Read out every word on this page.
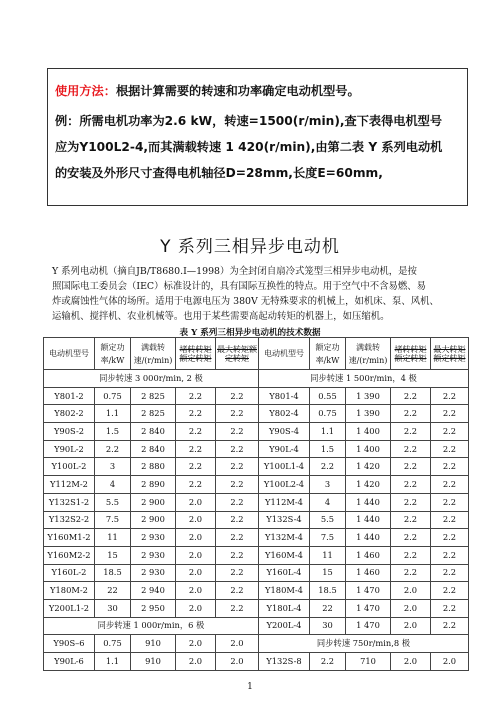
使用方法：根据计算需要的转速和功率确定电动机型号。
例：所需电机功率为2.6 kW，转速=1500(r/min),查下表得电机型号
应为Y100L2-4,而其满载转速 1 420(r/min),由第二表 Y 系列电动机
的安装及外形尺寸查得电机轴径D=28mm,长度E=60mm,
Y 系列三相异步电动机

Y 系列电动机（摘自JB/T8680.I—1998）为全封闭自扇冷式笼型三相异步电动机，是按

照国际电工委员会（IEC）标准设计的，具有国际互换性的特点。用于空气中不含易燃、易

炸或腐蚀性气体的场所。适用于电源电压为 380V 无特殊要求的机械上，如机床、泵、风机、

运输机、搅拌机、农业机械等。也用于某些需要高起动转矩的机器上，如压缩机。

表 Y 系列三相异步电动机的技术数据
电动机型号	额定功率/kW	满载转速/(r/min)	堵转转矩额定转矩	最大转矩额定转矩	电动机型号	额定功率/kW	满载转速/(r/min)	堵转转矩额定转矩	最大转矩额定转矩
同步转速 3 000r/min, 2 极					同步转速 1 500r/min，4 极				
Y801-2	0.75	2 825	2.2	2.2	Y801-4	0.55	1 390	2.2	2.2
Y802-2	1.1	2 825	2.2	2.2	Y802-4	0.75	1 390	2.2	2.2
Y90S-2	1.5	2 840	2.2	2.2	Y90S-4	1.1	1 400	2.2	2.2
Y90L-2	2.2	2 840	2.2	2.2	Y90L-4	1.5	1 400	2.2	2.2
Y100L-2	3	2 880	2.2	2.2	Y100L1-4	2.2	1 420	2.2	2.2
Y112M-2	4	2 890	2.2	2.2	Y100L2-4	3	1 420	2.2	2.2
Y132S1-2	5.5	2 900	2.0	2.2	Y112M-4	4	1 440	2.2	2.2
Y132S2-2	7.5	2 900	2.0	2.2	Y132S-4	5.5	1 440	2.2	2.2
Y160M1-2	11	2 930	2.0	2.2	Y132M-4	7.5	1 440	2.2	2.2
Y160M2-2	15	2 930	2.0	2.2	Y160M-4	11	1 460	2.2	2.2
Y160L-2	18.5	2 930	2.0	2.2	Y160L-4	15	1 460	2.2	2.2
Y180M-2	22	2 940	2.0	2.2	Y180M-4	18.5	1 470	2.0	2.2
Y200L1-2	30	2 950	2.0	2.2	Y180L-4	22	1 470	2.0	2.2
同步转速 1 000r/min，6 极					Y200L-4	30	1 470	2.0	2.2
Y90S–6	0.75	910	2.0	2.0	同步转速 750r/min,8 极				
Y90L-6	1.1	910	2.0	2.0	Y132S-8	2.2	710	2.0	2.0
1
